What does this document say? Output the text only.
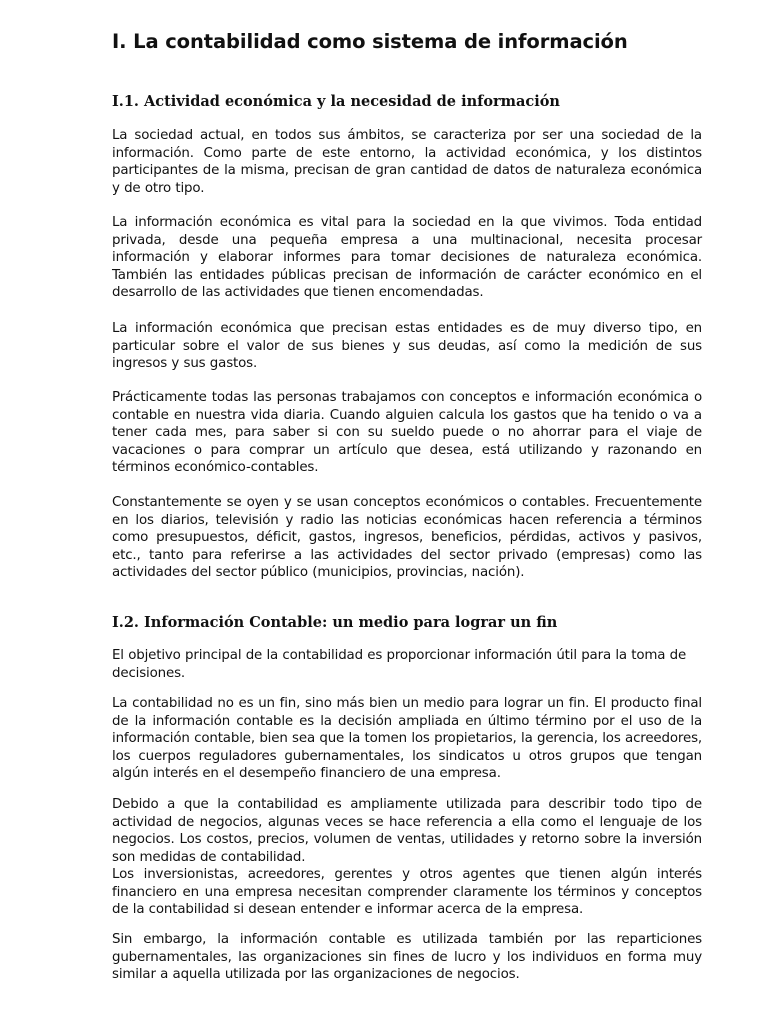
I. La contabilidad como sistema de información
I.1. Actividad económica y la necesidad de información

La sociedad actual, en todos sus ámbitos, se caracteriza por ser una sociedad de la información. Como parte de este entorno, la actividad económica, y los distintos participantes de la misma, precisan de gran cantidad de datos de naturaleza económica y de otro tipo.

La información económica es vital para la sociedad en la que vivimos. Toda entidad privada, desde una pequeña empresa a una multinacional, necesita procesar información y elaborar informes para tomar decisiones de naturaleza económica. También las entidades públicas precisan de información de carácter económico en el desarrollo de las actividades que tienen encomendadas.

La información económica que precisan estas entidades es de muy diverso tipo, en particular sobre el valor de sus bienes y sus deudas, así como la medición de sus ingresos y sus gastos.

Prácticamente todas las personas trabajamos con conceptos e información económica o contable en nuestra vida diaria. Cuando alguien calcula los gastos que ha tenido o va a tener cada mes, para saber si con su sueldo puede o no ahorrar para el viaje de vacaciones o para comprar un artículo que desea, está utilizando y razonando en términos económico-contables.

Constantemente se oyen y se usan conceptos económicos o contables. Frecuentemente en los diarios, televisión y radio las noticias económicas hacen referencia a términos como presupuestos, déficit, gastos, ingresos, beneficios, pérdidas, activos y pasivos, etc., tanto para referirse a las actividades del sector privado (empresas) como las actividades del sector público (municipios, provincias, nación).

I.2. Información Contable: un medio para lograr un fin

El objetivo principal de la contabilidad es proporcionar información útil para la toma de decisiones.

La contabilidad no es un fin, sino más bien un medio para lograr un fin. El producto final de la información contable es la decisión ampliada en último término por el uso de la información contable, bien sea que la tomen los propietarios, la gerencia, los acreedores, los cuerpos reguladores gubernamentales, los sindicatos u otros grupos que tengan algún interés en el desempeño financiero de una empresa.

Debido a que la contabilidad es ampliamente utilizada para describir todo tipo de actividad de negocios, algunas veces se hace referencia a ella como el lenguaje de los negocios. Los costos, precios, volumen de ventas, utilidades y retorno sobre la inversión son medidas de contabilidad.

Los inversionistas, acreedores, gerentes y otros agentes que tienen algún interés financiero en una empresa necesitan comprender claramente los términos y conceptos de la contabilidad si desean entender e informar acerca de la empresa.

Sin embargo, la información contable es utilizada también por las reparticiones gubernamentales, las organizaciones sin fines de lucro y los individuos en forma muy similar a aquella utilizada por las organizaciones de negocios.
